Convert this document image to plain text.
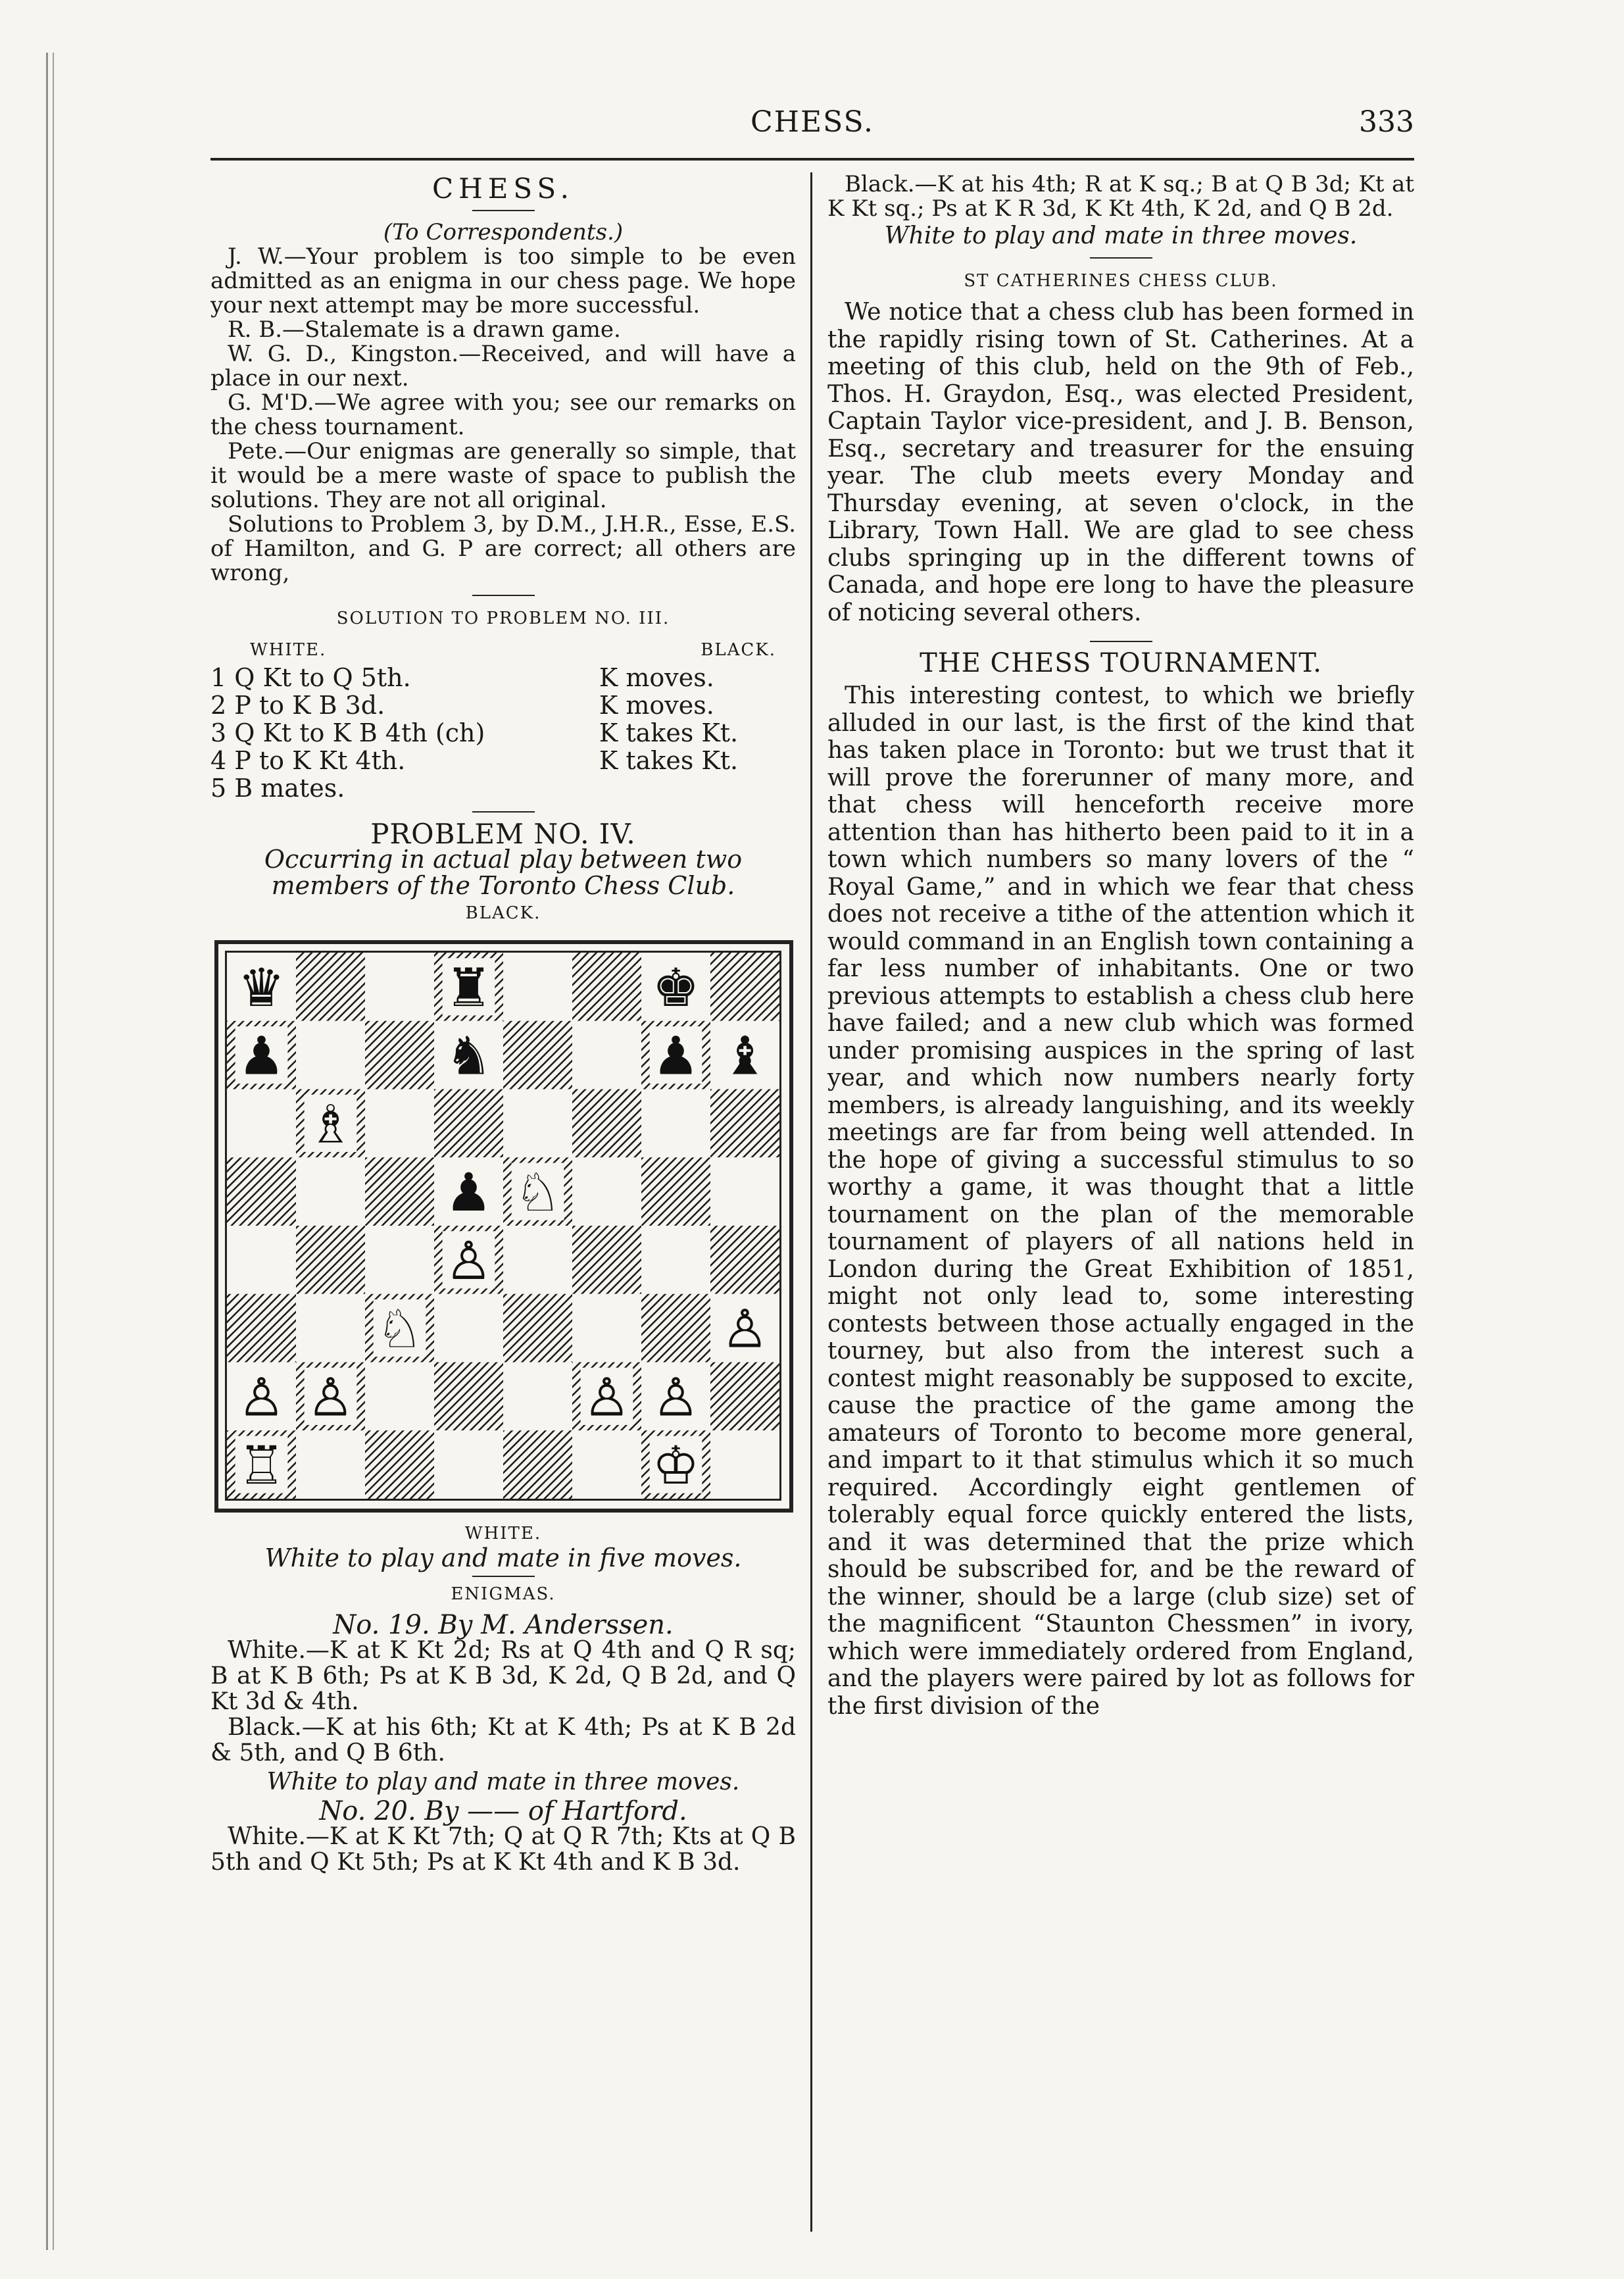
CHESS.	333
CHESS.
(To Correspondents.)

J. W.—Your problem is too simple to be even admitted as an enigma in our chess page. We hope your next attempt may be more successful.

R. B.—Stalemate is a drawn game.

W. G. D., Kingston.—Received, and will have a place in our next.

G. M'D.—We agree with you; see our remarks on the chess tournament.

Pete.—Our enigmas are generally so simple, that it would be a mere waste of space to publish the solutions. They are not all original.

Solutions to Problem 3, by D.M., J.H.R., Esse, E.S. of Hamilton, and G. P are correct; all others are wrong,

SOLUTION TO PROBLEM NO. III.
WHITE.	BLACK.
1 Q Kt to Q 5th.	K moves.
2 P to K B 3d.	K moves.
3 Q Kt to K B 4th (ch)	K takes Kt.
4 P to K Kt 4th.	K takes Kt.
5 B mates.	
PROBLEM NO. IV.
Occurring in actual play between two members of the Toronto Chess Club.
BLACK.
♛	♜	♚
♟	♞	♟ ♝
♗
♟ ♘
♙
♘	♙
♙ ♙	♙ ♙
♖	♔
WHITE.
White to play and mate in five moves.
ENIGMAS.
No. 19. By M. Anderssen.

White.—K at K Kt 2d; Rs at Q 4th and Q R sq; B at K B 6th; Ps at K B 3d, K 2d, Q B 2d, and Q Kt 3d & 4th.

Black.—K at his 6th; Kt at K 4th; Ps at K B 2d & 5th, and Q B 6th.

White to play and mate in three moves.
No. 20. By —— of Hartford.

White.—K at K Kt 7th; Q at Q R 7th; Kts at Q B 5th and Q Kt 5th; Ps at K Kt 4th and K B 3d.

Black.—K at his 4th; R at K sq.; B at Q B 3d; Kt at K Kt sq.; Ps at K R 3d, K Kt 4th, K 2d, and Q B 2d.

White to play and mate in three moves.
ST CATHERINES CHESS CLUB.

We notice that a chess club has been formed in the rapidly rising town of St. Catherines. At a meeting of this club, held on the 9th of Feb., Thos. H. Graydon, Esq., was elected President, Captain Taylor vice-president, and J. B. Benson, Esq., secretary and treasurer for the ensuing year. The club meets every Monday and Thursday evening, at seven o'clock, in the Library, Town Hall. We are glad to see chess clubs springing up in the different towns of Canada, and hope ere long to have the pleasure of noticing several others.

THE CHESS TOURNAMENT.

This interesting contest, to which we briefly alluded in our last, is the first of the kind that has taken place in Toronto: but we trust that it will prove the forerunner of many more, and that chess will henceforth receive more attention than has hitherto been paid to it in a town which numbers so many lovers of the “ Royal Game,” and in which we fear that chess does not receive a tithe of the attention which it would command in an English town containing a far less number of inhabitants. One or two previous attempts to establish a chess club here have failed; and a new club which was formed under promising auspices in the spring of last year, and which now numbers nearly forty members, is already languishing, and its weekly meetings are far from being well attended. In the hope of giving a successful stimulus to so worthy a game, it was thought that a little tournament on the plan of the memorable tournament of players of all nations held in London during the Great Exhibition of 1851, might not only lead to, some interesting contests between those actually engaged in the tourney, but also from the interest such a contest might reasonably be supposed to excite, cause the practice of the game among the amateurs of Toronto to become more general, and impart to it that stimulus which it so much required. Accordingly eight gentlemen of tolerably equal force quickly entered the lists, and it was determined that the prize which should be subscribed for, and be the reward of the winner, should be a large (club size) set of the magnificent “Staunton Chessmen” in ivory, which were immediately ordered from England, and the players were paired by lot as follows for the first division of the
